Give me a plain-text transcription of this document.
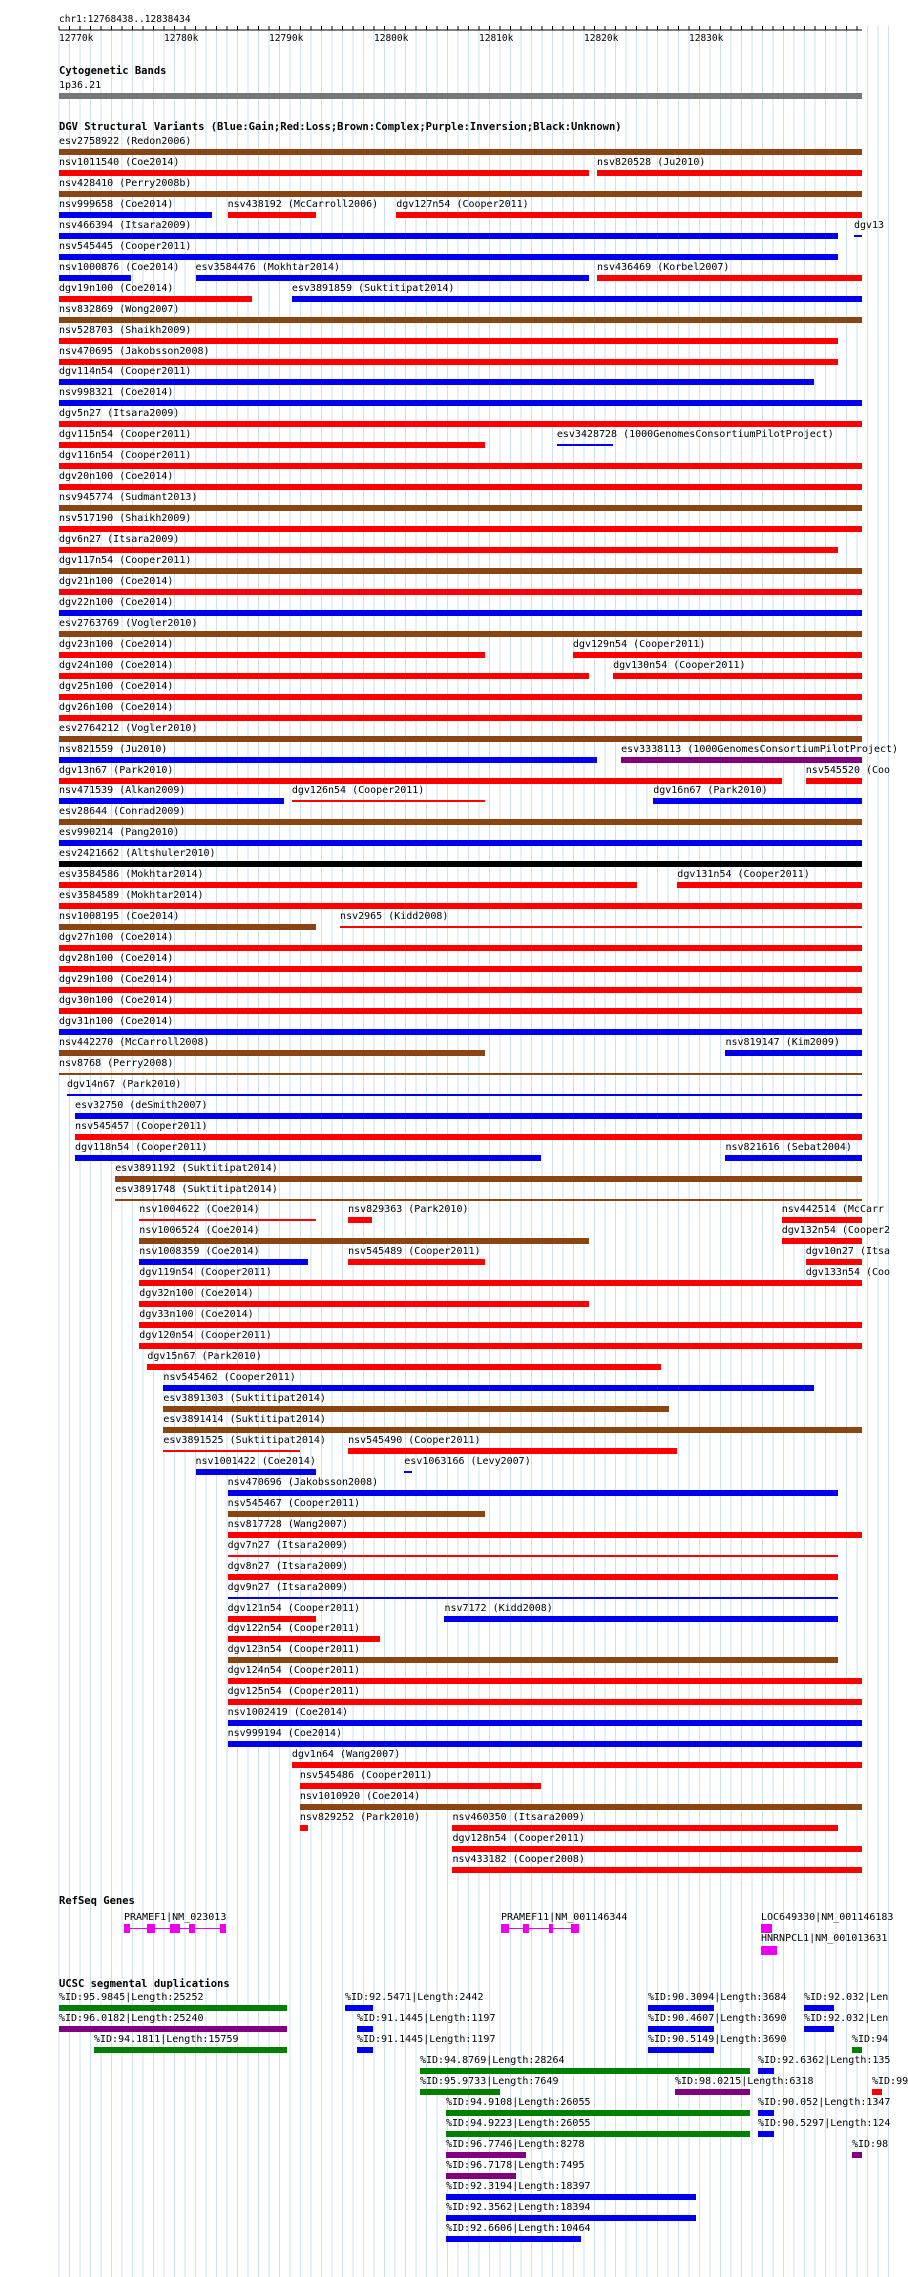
chr1:12768438..12838434
12770k	12780k	12790k	12800k	12810k	12820k	12830k
Cytogenetic Bands
1p36.21
DGV Structural Variants (Blue:Gain;Red:Loss;Brown:Complex;Purple:Inversion;Black:Unknown)
esv2758922 (Redon2006)
nsv1011540 (Coe2014)	nsv820528 (Ju2010)
nsv428410 (Perry2008b)
nsv999658 (Coe2014)	nsv438192 (McCarroll2006) dgv127n54 (Cooper2011)
nsv466394 (Itsara2009)	dgv13
nsv545445 (Cooper2011)
nsv1000876 (Coe2014) esv3584476 (Mokhtar2014)	nsv436469 (Korbel2007)
dgv19n100 (Coe2014)	esv3891859 (Suktitipat2014)
nsv832869 (Wong2007)
nsv528703 (Shaikh2009)
nsv470695 (Jakobsson2008)
dgv114n54 (Cooper2011)
nsv998321 (Coe2014)
dgv5n27 (Itsara2009)
dgv115n54 (Cooper2011)	esv3428728 (1000GenomesConsortiumPilotProject)
dgv116n54 (Cooper2011)
dgv20n100 (Coe2014)
nsv945774 (Sudmant2013)
nsv517190 (Shaikh2009)
dgv6n27 (Itsara2009)
dgv117n54 (Cooper2011)
dgv21n100 (Coe2014)
dgv22n100 (Coe2014)
esv2763769 (Vogler2010)
dgv23n100 (Coe2014)	dgv129n54 (Cooper2011)
dgv24n100 (Coe2014)	dgv130n54 (Cooper2011)
dgv25n100 (Coe2014)
dgv26n100 (Coe2014)
esv2764212 (Vogler2010)
nsv821559 (Ju2010)	esv3338113 (1000GenomesConsortiumPilotProject)
dgv13n67 (Park2010)	nsv545520 (Coo
nsv471539 (Alkan2009)	dgv126n54 (Cooper2011)	dgv16n67 (Park2010)
esv28644 (Conrad2009)
esv990214 (Pang2010)
esv2421662 (Altshuler2010)
esv3584586 (Mokhtar2014)	dgv131n54 (Cooper2011)
esv3584589 (Mokhtar2014)
nsv1008195 (Coe2014)	nsv2965 (Kidd2008)
dgv27n100 (Coe2014)
dgv28n100 (Coe2014)
dgv29n100 (Coe2014)
dgv30n100 (Coe2014)
dgv31n100 (Coe2014)
nsv442270 (McCarroll2008)	nsv819147 (Kim2009)
nsv8768 (Perry2008)
dgv14n67 (Park2010)
esv32750 (deSmith2007)
nsv545457 (Cooper2011)
dgv118n54 (Cooper2011)	nsv821616 (Sebat2004)
esv3891192 (Suktitipat2014)
esv3891748 (Suktitipat2014)
nsv1004622 (Coe2014)	nsv829363 (Park2010)	nsv442514 (McCarr
nsv1006524 (Coe2014)	dgv132n54 (Cooper2
nsv1008359 (Coe2014)	nsv545489 (Cooper2011)	dgv10n27 (Itsa
dgv119n54 (Cooper2011)	dgv133n54 (Coo
dgv32n100 (Coe2014)
dgv33n100 (Coe2014)
dgv120n54 (Cooper2011)
dgv15n67 (Park2010)
nsv545462 (Cooper2011)
esv3891303 (Suktitipat2014)
esv3891414 (Suktitipat2014)
esv3891525 (Suktitipat2014) nsv545490 (Cooper2011)
nsv1001422 (Coe2014)	esv1063166 (Levy2007)
nsv470696 (Jakobsson2008)
nsv545467 (Cooper2011)
nsv817728 (Wang2007)
dgv7n27 (Itsara2009)
dgv8n27 (Itsara2009)
dgv9n27 (Itsara2009)
dgv121n54 (Cooper2011)	nsv7172 (Kidd2008)
dgv122n54 (Cooper2011)
dgv123n54 (Cooper2011)
dgv124n54 (Cooper2011)
dgv125n54 (Cooper2011)
nsv1002419 (Coe2014)
nsv999194 (Coe2014)
dgv1n64 (Wang2007)
nsv545486 (Cooper2011)
nsv1010920 (Coe2014)
nsv829252 (Park2010)	nsv460350 (Itsara2009)
dgv128n54 (Cooper2011)
nsv433182 (Cooper2008)
RefSeq Genes
PRAMEF1|NM_023013	PRAMEF11|NM_001146344	LOC649330|NM_001146183
HNRNPCL1|NM_001013631
UCSC segmental duplications
%ID:95.9845|Length:25252
%ID:96.0182|Length:25240
%ID:94.1811|Length:15759
%ID:92.5471|Length:2442
%ID:91.1445|Length:1197
%ID:91.1445|Length:1197
%ID:90.3094|Length:3684
%ID:90.4607|Length:3690
%ID:90.5149|Length:3690
%ID:92.032|Len
%ID:92.032|Len
%ID:94
%ID:94.8769|Length:28264
%ID:95.9733|Length:7649	%ID:98.0215|Length:6318
%ID:92.6362|Length:135
%ID:99
%ID:94.9108|Length:26055
%ID:94.9223|Length:26055
%ID:90.052|Length:1347
%ID:90.5297|Length:124
%ID:96.7746|Length:8278	%ID:98
%ID:96.7178|Length:7495
%ID:92.3194|Length:18397
%ID:92.3562|Length:18394
%ID:92.6606|Length:10464
